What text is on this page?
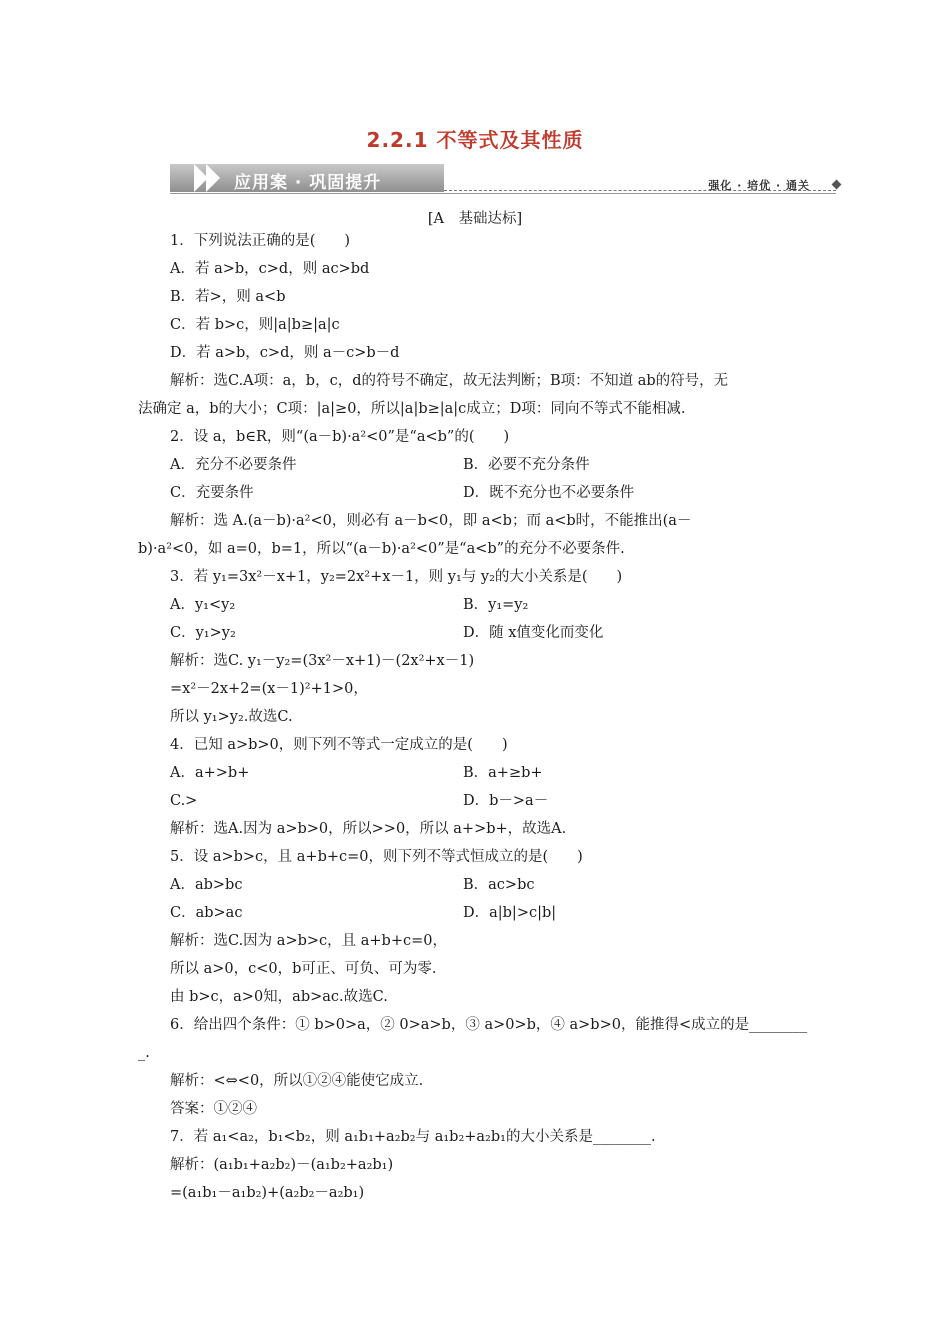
2.2.1 不等式及其性质
应用案 · 巩固提升	强化 · 培优 · 通关
[A　基础达标]
1．下列说法正确的是(　　)
A．若 a>b，c>d，则 ac>bd
B．若>，则 a<b
C．若 b>c，则|a|b≥|a|c
D．若 a>b，c>d，则 a－c>b－d
解析：选C.A项：a，b，c，d的符号不确定，故无法判断；B项：不知道 ab的符号，无
法确定 a，b的大小；C项：|a|≥0，所以|a|b≥|a|c成立；D项：同向不等式不能相减.
2．设 a，b∈R，则“(a－b)·a²<0”是“a<b”的(　　)
A．充分不必要条件	B．必要不充分条件
C．充要条件	D．既不充分也不必要条件
解析：选 A.(a－b)·a²<0，则必有 a－b<0，即 a<b；而 a<b时，不能推出(a－
b)·a²<0，如 a=0，b=1，所以“(a－b)·a²<0”是“a<b”的充分不必要条件.
3．若 y₁=3x²－x+1，y₂=2x²+x－1，则 y₁与 y₂的大小关系是(　　)
A．y₁<y₂	B．y₁=y₂
C．y₁>y₂	D．随 x值变化而变化
解析：选C. y₁－y₂=(3x²－x+1)－(2x²+x－1)
=x²－2x+2=(x－1)²+1>0，
所以 y₁>y₂.故选C.
4．已知 a>b>0，则下列不等式一定成立的是(　　)
A．a+>b+	B．a+≥b+
C.>	D．b－>a－
解析：选A.因为 a>b>0，所以>>0，所以 a+>b+，故选A.
5．设 a>b>c，且 a+b+c=0，则下列不等式恒成立的是(　　)
A．ab>bc	B．ac>bc
C．ab>ac	D．a|b|>c|b|
解析：选C.因为 a>b>c，且 a+b+c=0，
所以 a>0，c<0，b可正、可负、可为零.
由 b>c，a>0知，ab>ac.故选C.
6．给出四个条件：① b>0>a，② 0>a>b，③ a>0>b，④ a>b>0，能推得<成立的是________
_.
解析：<⇔<0，所以①②④能使它成立.
答案：①②④
7．若 a₁<a₂，b₁<b₂，则 a₁b₁+a₂b₂与 a₁b₂+a₂b₁的大小关系是________.
解析：(a₁b₁+a₂b₂)－(a₁b₂+a₂b₁)
=(a₁b₁－a₁b₂)+(a₂b₂－a₂b₁)
